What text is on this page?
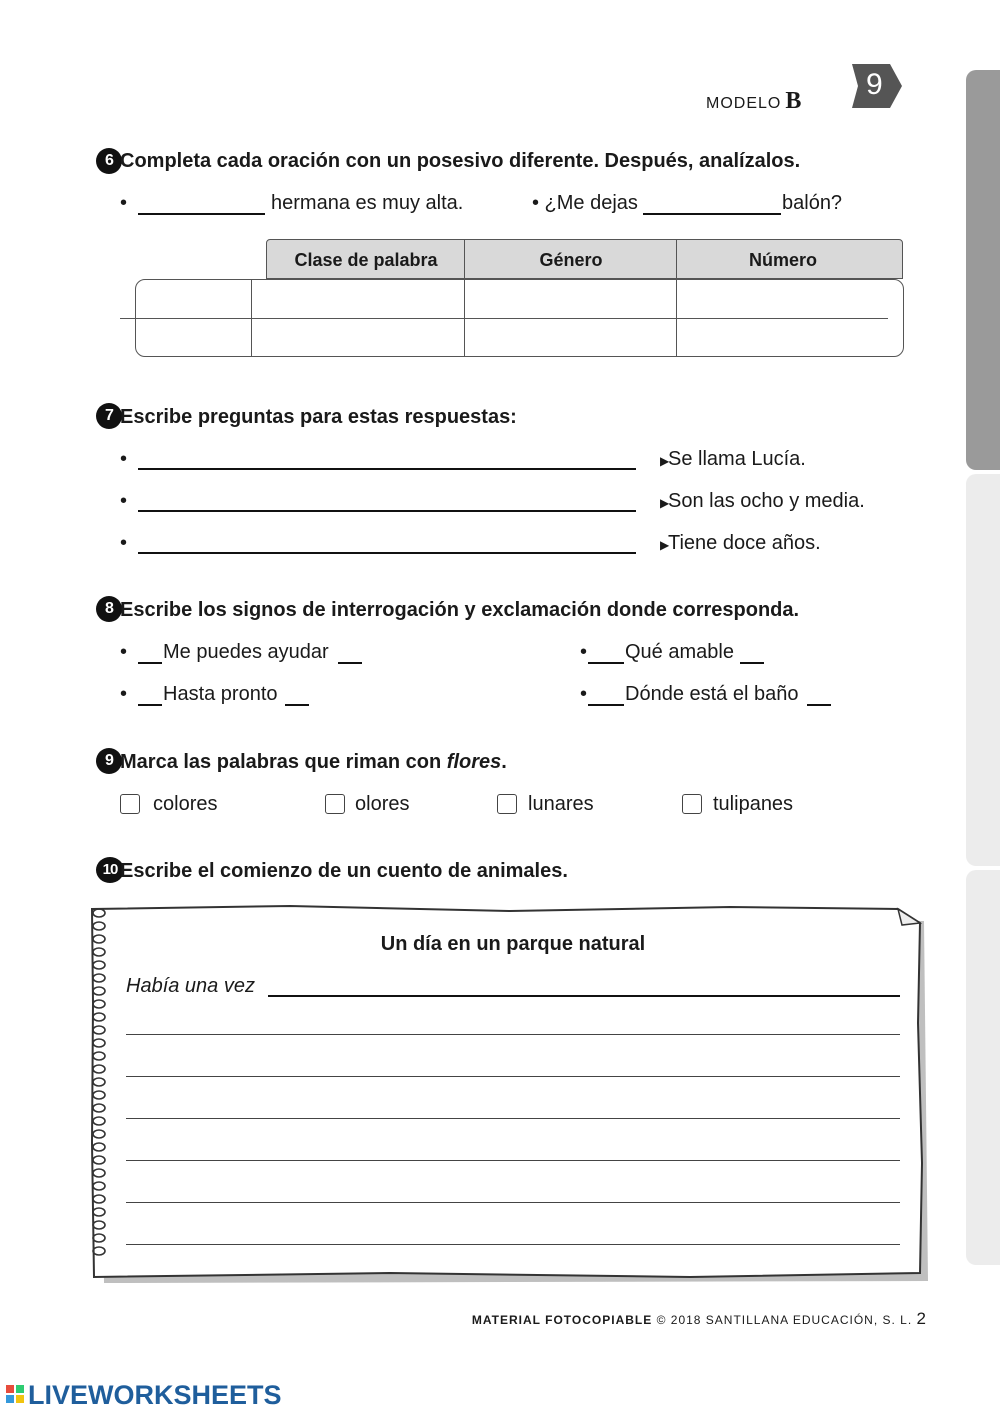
MODELO B 9
6 Completa cada oración con un posesivo diferente. Después, analízalos.
•	hermana es muy alta.	• ¿Me dejas	balón?
Clase de palabra	Género	Número
7 Escribe preguntas para estas respuestas:
•	▶
Se llama Lucía.
•	▶
Son las ocho y media.
•	▶
Tiene doce años.
8 Escribe los signos de interrogación y exclamación donde corresponda.
• Me puedes ayudar	• Qué amable
• Hasta pronto	• Dónde está el baño
9 Marca las palabras que riman con flores.
colores	olores	lunares	tulipanes
10 Escribe el comienzo de un cuento de animales.
Un día en un parque natural
Había una vez
MATERIAL FOTOCOPIABLE © 2018 SANTILLANA EDUCACIÓN, S. L. 2
LIVEWORKSHEETS
